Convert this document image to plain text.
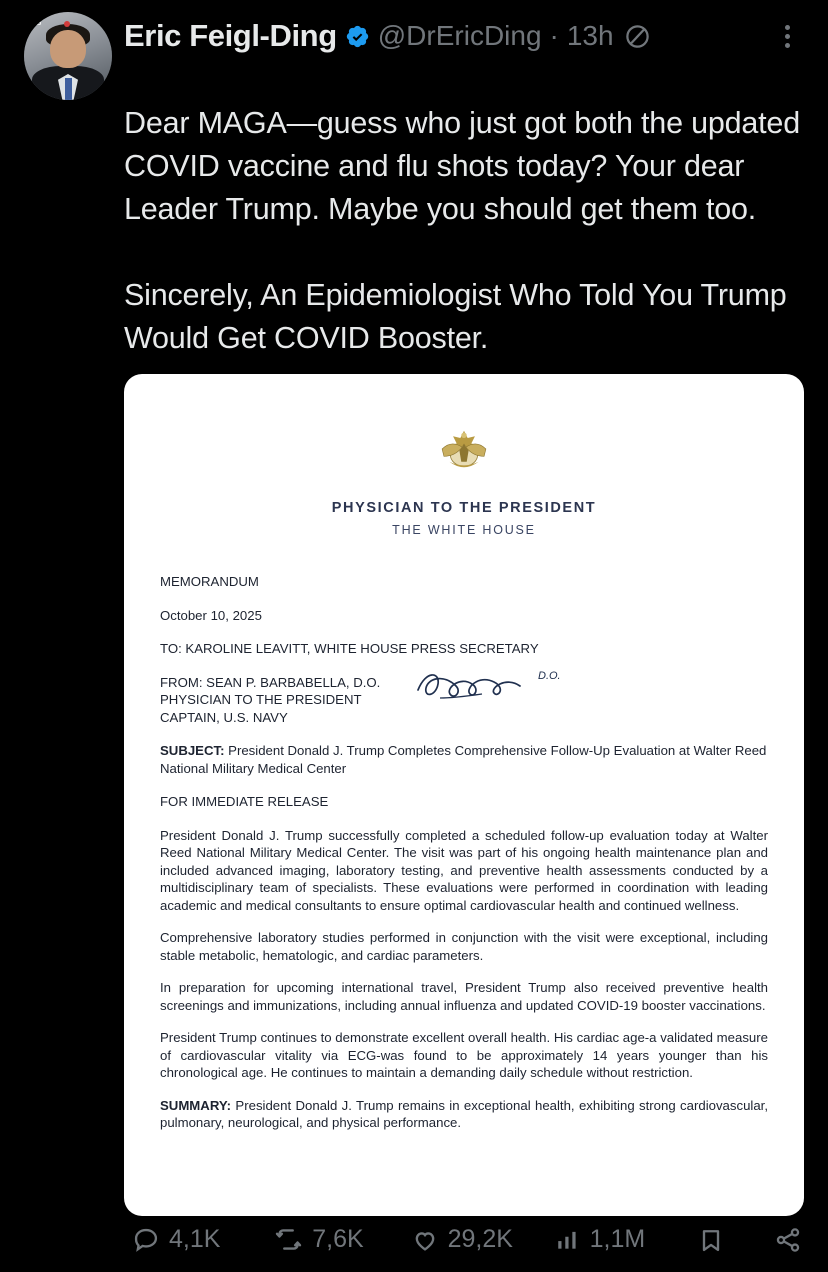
WS	Eric Feigl-Ding @DrEricDing · 13h

Dear MAGA—guess who just got both the updated COVID vaccine and flu shots today? Your dear Leader Trump. Maybe you should get them too.

Sincerely, An Epidemiologist Who Told You Trump Would Get COVID Booster.

PHYSICIAN TO THE PRESIDENT
THE WHITE HOUSE
MEMORANDUM
October 10, 2025
TO: KAROLINE LEAVITT, WHITE HOUSE PRESS SECRETARY
FROM: SEAN P. BARBABELLA, D.O.
PHYSICIAN TO THE PRESIDENT
CAPTAIN, U.S. NAVY
D.O.
SUBJECT: President Donald J. Trump Completes Comprehensive Follow-Up Evaluation at Walter Reed National Military Medical Center
FOR IMMEDIATE RELEASE
President Donald J. Trump successfully completed a scheduled follow-up evaluation today at Walter Reed National Military Medical Center. The visit was part of his ongoing health maintenance plan and included advanced imaging, laboratory testing, and preventive health assessments conducted by a multidisciplinary team of specialists. These evaluations were performed in coordination with leading academic and medical consultants to ensure optimal cardiovascular health and continued wellness.
Comprehensive laboratory studies performed in conjunction with the visit were exceptional, including stable metabolic, hematologic, and cardiac parameters.
In preparation for upcoming international travel, President Trump also received preventive health screenings and immunizations, including annual influenza and updated COVID-19 booster vaccinations.
President Trump continues to demonstrate excellent overall health. His cardiac age-a validated measure of cardiovascular vitality via ECG-was found to be approximately 14 years younger than his chronological age. He continues to maintain a demanding daily schedule without restriction.
SUMMARY: President Donald J. Trump remains in exceptional health, exhibiting strong cardiovascular, pulmonary, neurological, and physical performance.
4,1K	7,6K	29,2K	1,1M
